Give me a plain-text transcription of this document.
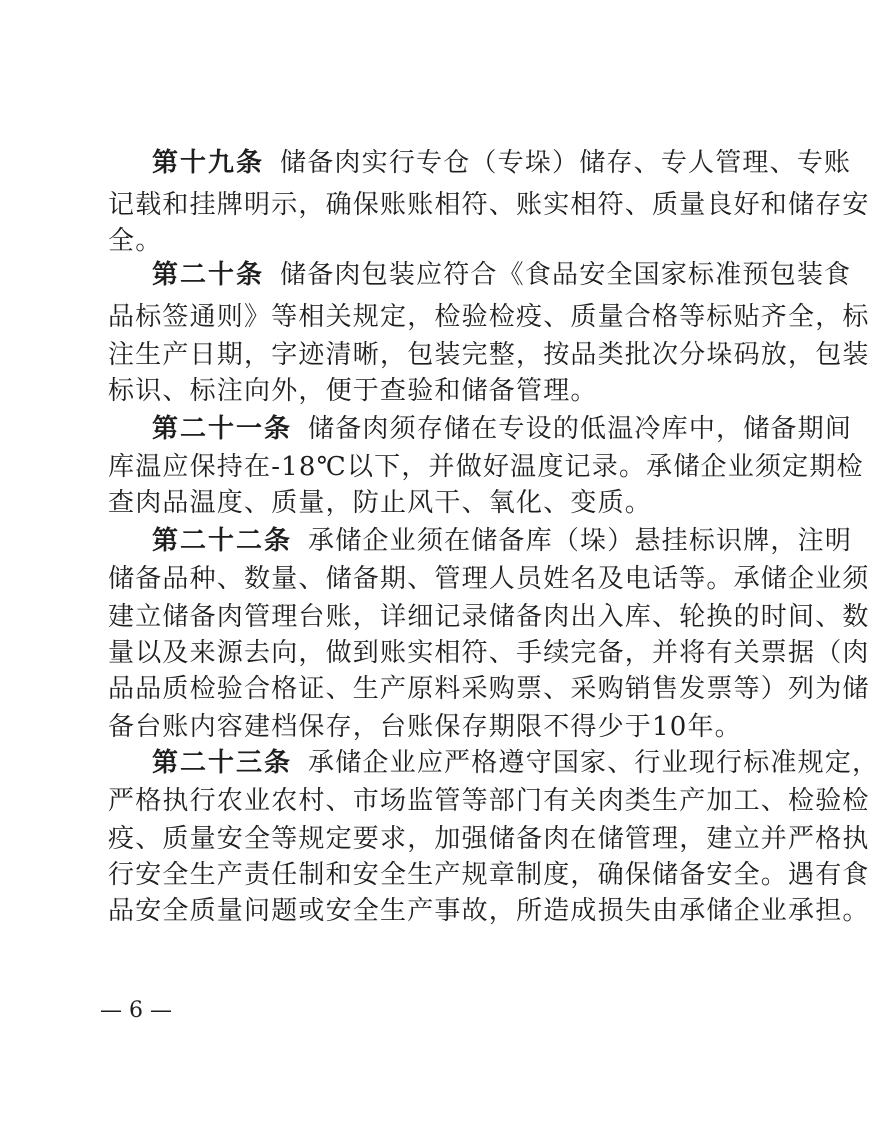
第十九条 储备肉实行专仓（专垛）储存、专人管理、专账
记载和挂牌明示，确保账账相符、账实相符、质量良好和储存安
全。
第二十条 储备肉包装应符合《食品安全国家标准预包装食
品标签通则》等相关规定，检验检疫、质量合格等标贴齐全，标
注生产日期，字迹清晰，包装完整，按品类批次分垛码放，包装
标识、标注向外，便于查验和储备管理。
第二十一条 储备肉须存储在专设的低温冷库中，储备期间
库温应保持在-18℃以下，并做好温度记录。承储企业须定期检
查肉品温度、质量，防止风干、氧化、变质。
第二十二条 承储企业须在储备库（垛）悬挂标识牌，注明
储备品种、数量、储备期、管理人员姓名及电话等。承储企业须
建立储备肉管理台账，详细记录储备肉出入库、轮换的时间、数
量以及来源去向，做到账实相符、手续完备，并将有关票据（肉
品品质检验合格证、生产原料采购票、采购销售发票等）列为储
备台账内容建档保存，台账保存期限不得少于10年。
第二十三条 承储企业应严格遵守国家、行业现行标准规定，
严格执行农业农村、市场监管等部门有关肉类生产加工、检验检
疫、质量安全等规定要求，加强储备肉在储管理，建立并严格执
行安全生产责任制和安全生产规章制度，确保储备安全。遇有食
品安全质量问题或安全生产事故，所造成损失由承储企业承担。
— 6 —
